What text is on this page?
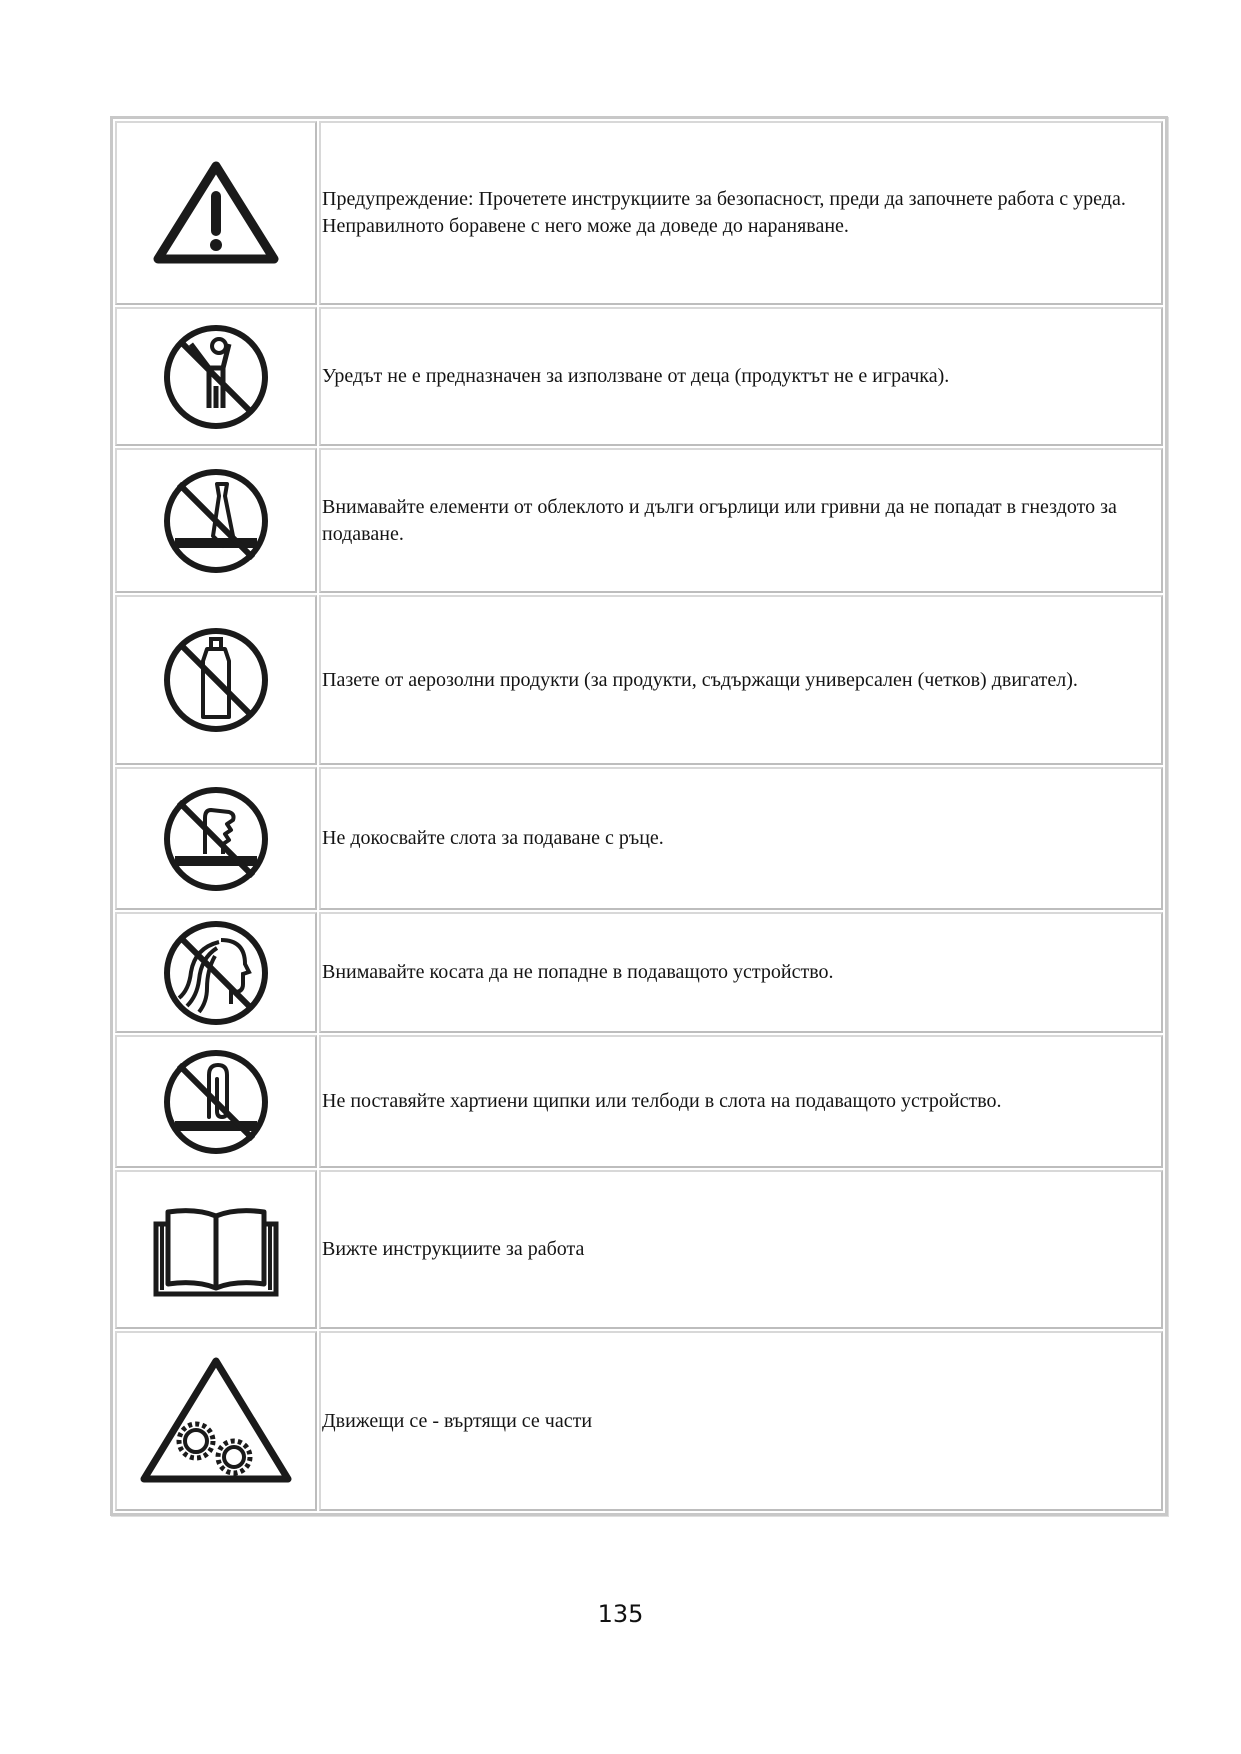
	Предупреждение: Прочетете инструкциите за безопасност, преди да започнете работа с уреда. Неправилното боравене с него може да доведе до нараняване.

	Уредът не е предназначен за използване от деца (продуктът не е играчка).

	Внимавайте елементи от облеклото и дълги огърлици или гривни да не попадат в гнездото за подаване.

	Пазете от аерозолни продукти (за продукти, съдържащи универсален (четков) двигател).

	Не докосвайте слота за подаване с ръце.

	Внимавайте косата да не попадне в подаващото устройство.

	Не поставяйте хартиени щипки или телбоди в слота на подаващото устройство.

	Вижте инструкциите за работа

	Движещи се - въртящи се части
135
